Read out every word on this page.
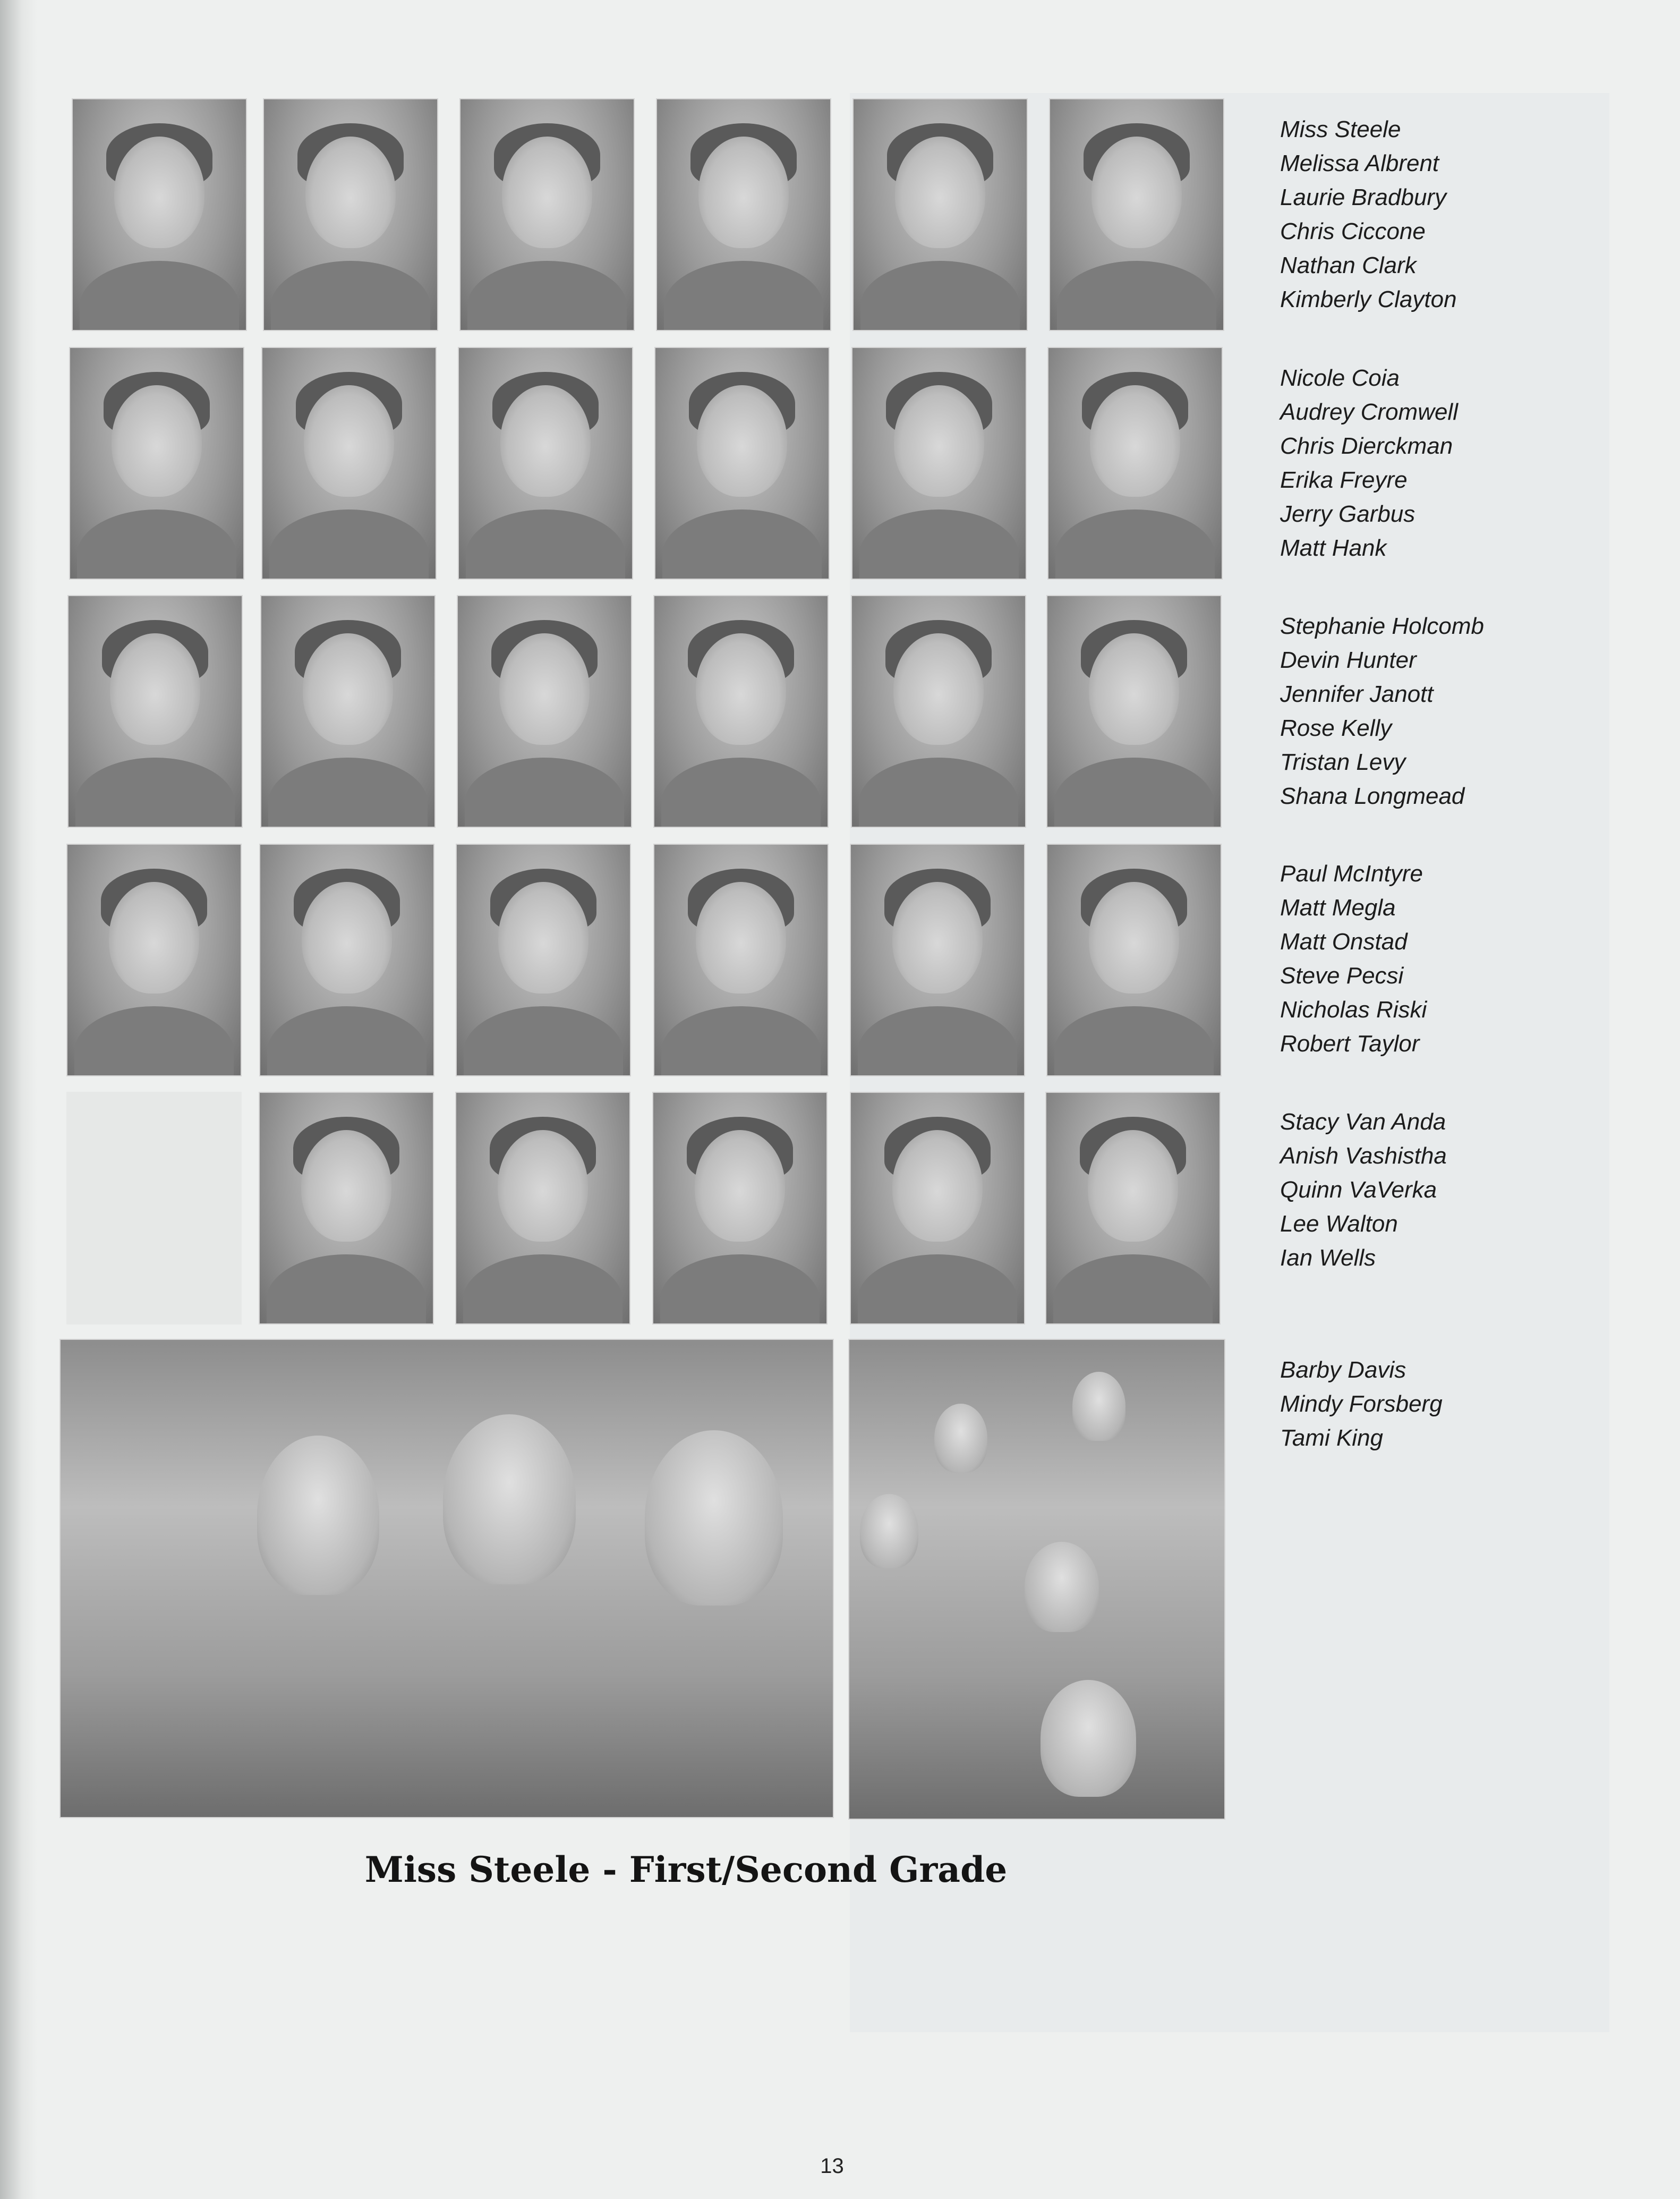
Miss Steele
Melissa Albrent
Laurie Bradbury
Chris Ciccone
Nathan Clark
Kimberly Clayton
Nicole Coia
Audrey Cromwell
Chris Dierckman
Erika Freyre
Jerry Garbus
Matt Hank
Stephanie Holcomb
Devin Hunter
Jennifer Janott
Rose Kelly
Tristan Levy
Shana Longmead
Paul McIntyre
Matt Megla
Matt Onstad
Steve Pecsi
Nicholas Riski
Robert Taylor
Stacy Van Anda
Anish Vashistha
Quinn VaVerka
Lee Walton
Ian Wells
Barby Davis
Mindy Forsberg
Tami King
Miss Steele - First/Second Grade
13
